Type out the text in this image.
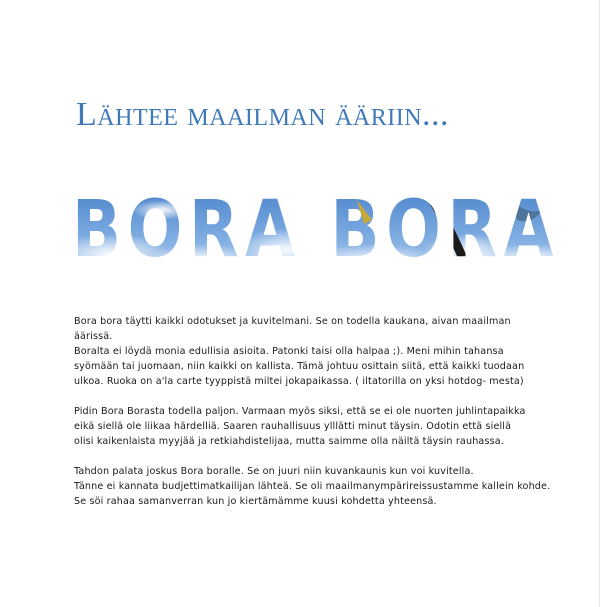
Lähtee maailman ääriin...
Bora bora täytti kaikki odotukset ja kuvitelmani. Se on todella kaukana, aivan maailman
äärissä.
Boralta ei löydä monia edullisia asioita. Patonki taisi olla halpaa ;). Meni mihin tahansa
syömään tai juomaan, niin kaikki on kallista. Tämä johtuu osittain siitä, että kaikki tuodaan
ulkoa. Ruoka on a'la carte tyyppistä miltei jokapaikassa. ( iltatorilla on yksi hotdog- mesta)
Pidin Bora Borasta todella paljon. Varmaan myös siksi, että se ei ole nuorten juhlintapaikka
eikä siellä ole liikaa härdelliä. Saaren rauhallisuus ylllätti minut täysin. Odotin että siellä
olisi kaikenlaista myyjää ja retkiahdistelijaa, mutta saimme olla näiltä täysin rauhassa.
Tahdon palata joskus Bora boralle. Se on juuri niin kuvankaunis kun voi kuvitella.
Tänne ei kannata budjettimatkailijan lähteä. Se oli maailmanympärireissustamme kallein kohde.
Se söi rahaa samanverran kun jo kiertämämme kuusi kohdetta yhteensä.
